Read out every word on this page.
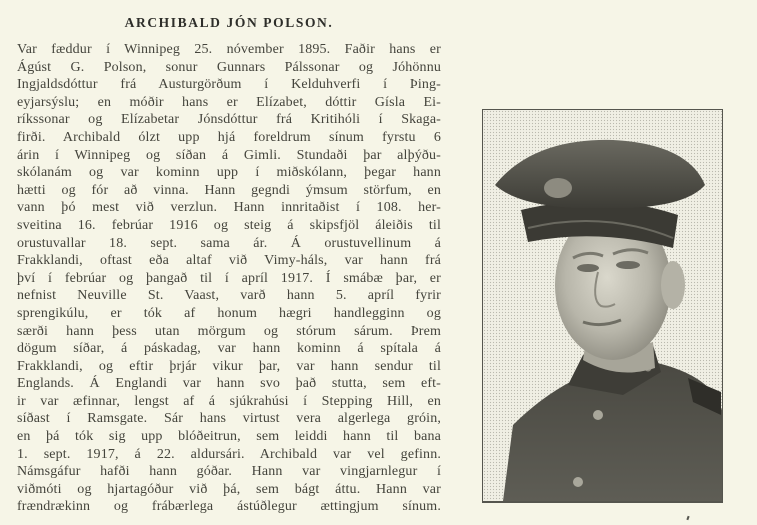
ARCHIBALD JÓN POLSON.
Var fæddur í Winnipeg 25. nóvember 1895. Faðir hans er
Ágúst G. Polson, sonur Gunnars Pálssonar og Jóhönnu
Ingjaldsdóttur frá Austurgörðum í Kelduhverfi í Þing-
eyjarsýslu; en móðir hans er Elízabet, dóttir Gísla Ei-
ríkssonar og Elízabetar Jónsdóttur frá Kritihóli í Skaga-
firði. Archibald ólzt upp hjá foreldrum sínum fyrstu 6
árin í Winnipeg og síðan á Gimli. Stundaði þar alþýðu-
skólanám og var kominn upp í miðskólann, þegar hann
hætti og fór að vinna. Hann gegndi ýmsum störfum, en
vann þó mest við verzlun. Hann innritaðist í 108. her-
sveitina 16. febrúar 1916 og steig á skipsfjöl áleiðis til
orustuvallar 18. sept. sama ár. Á orustuvellinum á
Frakklandi, oftast eða altaf við Vimy-háls, var hann frá
því í febrúar og þangað til í apríl 1917. Í smábæ þar, er
nefnist Neuville St. Vaast, varð hann 5. apríl fyrir
sprengikúlu, er tók af honum hægri handlegginn og
særði hann þess utan mörgum og stórum sárum. Þrem
dögum síðar, á páskadag, var hann kominn á spítala á
Frakklandi, og eftir þrjár vikur þar, var hann sendur til
Englands. Á Englandi var hann svo það stutta, sem eft-
ir var æfinnar, lengst af á sjúkrahúsi í Stepping Hill, en
síðast í Ramsgate. Sár hans virtust vera algerlega gróin,
en þá tók sig upp blóðeitrun, sem leiddi hann til bana
1. sept. 1917, á 22. aldursári. Archibald var vel gefinn.
Námsgáfur hafði hann góðar. Hann var vingjarnlegur í
viðmóti og hjartagóður við þá, sem bágt áttu. Hann var
frændrækinn og frábærlega ástúðlegur ættingjum sínum.
